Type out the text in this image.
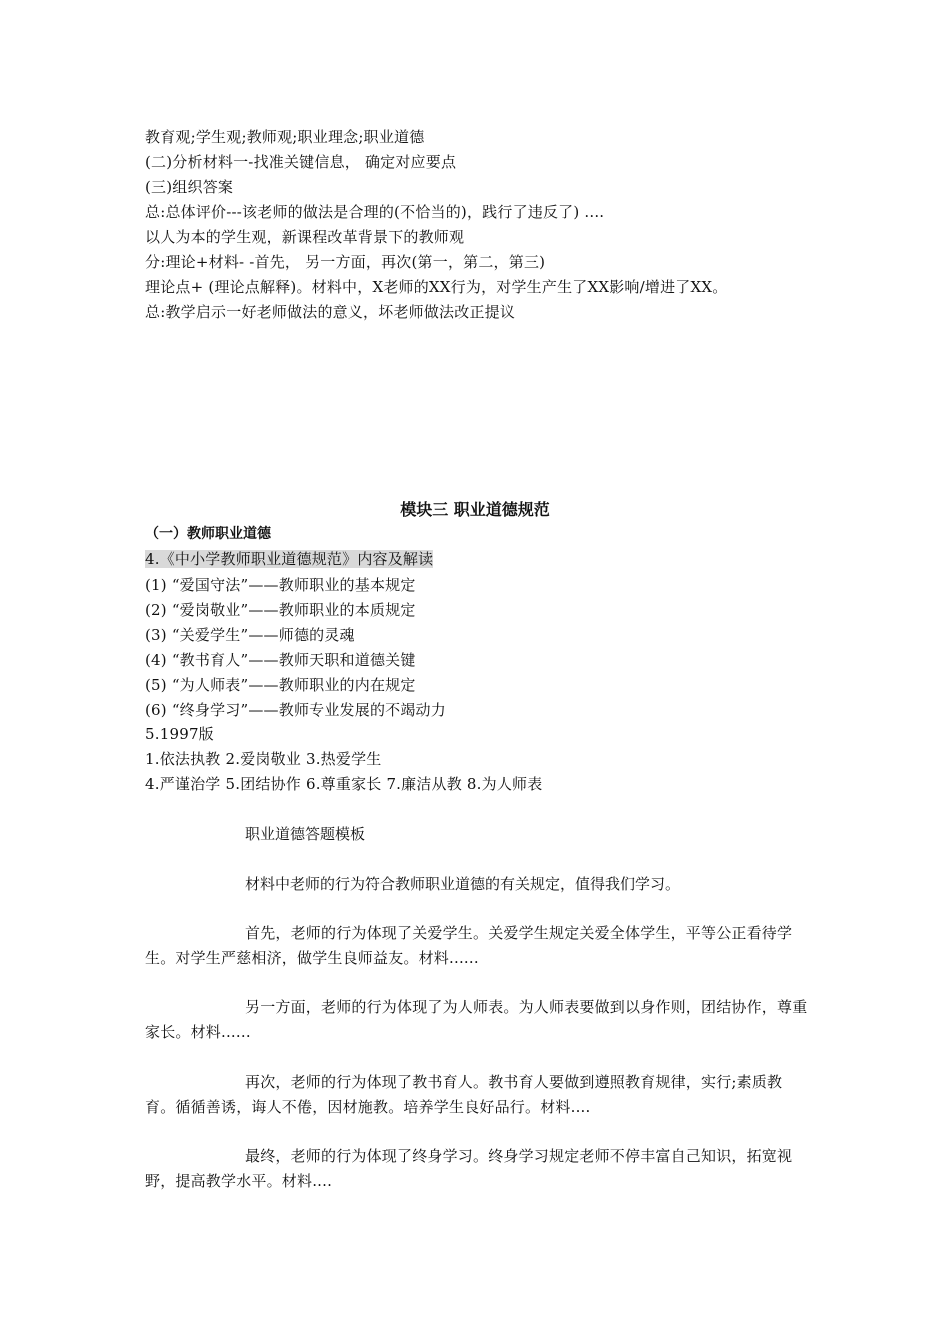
教育观;学生观;教师观;职业理念;职业道德
(二)分析材料一-找准关键信息， 确定对应要点
(三)组织答案
总:总体评价---该老师的做法是合理的(不恰当的)，践行了违反了) ....
以人为本的学生观，新课程改革背景下的教师观
分:理论+材料- -首先， 另一方面，再次(第一，第二，第三)
理论点+ (理论点解释)。材料中，X老师的XX行为，对学生产生了XX影响/增进了XX。
总:教学启示一好老师做法的意义，坏老师做法改正提议
模块三 职业道德规范
（一）教师职业道德
4.《中小学教师职业道德规范》内容及解读
(1) “爱国守法”——教师职业的基本规定
(2) “爱岗敬业”——教师职业的本质规定
(3) “关爱学生”——师德的灵魂
(4) “教书育人”——教师天职和道德关键
(5) “为人师表”——教师职业的内在规定
(6) “终身学习”——教师专业发展的不竭动力
5.1997版
1.依法执教 2.爱岗敬业 3.热爱学生
4.严谨治学 5.团结协作 6.尊重家长 7.廉洁从教 8.为人师表
职业道德答题模板
材料中老师的行为符合教师职业道德的有关规定，值得我们学习。
首先，老师的行为体现了关爱学生。关爱学生规定关爱全体学生，平等公正看待学生。对学生严慈相济，做学生良师益友。材料......
另一方面，老师的行为体现了为人师表。为人师表要做到以身作则，团结协作，尊重家长。材料......
再次，老师的行为体现了教书育人。教书育人要做到遵照教育规律，实行;素质教育。循循善诱，诲人不倦，因材施教。培养学生良好品行。材料....
最终，老师的行为体现了终身学习。终身学习规定老师不停丰富自己知识，拓宽视野，提高教学水平。材料....
